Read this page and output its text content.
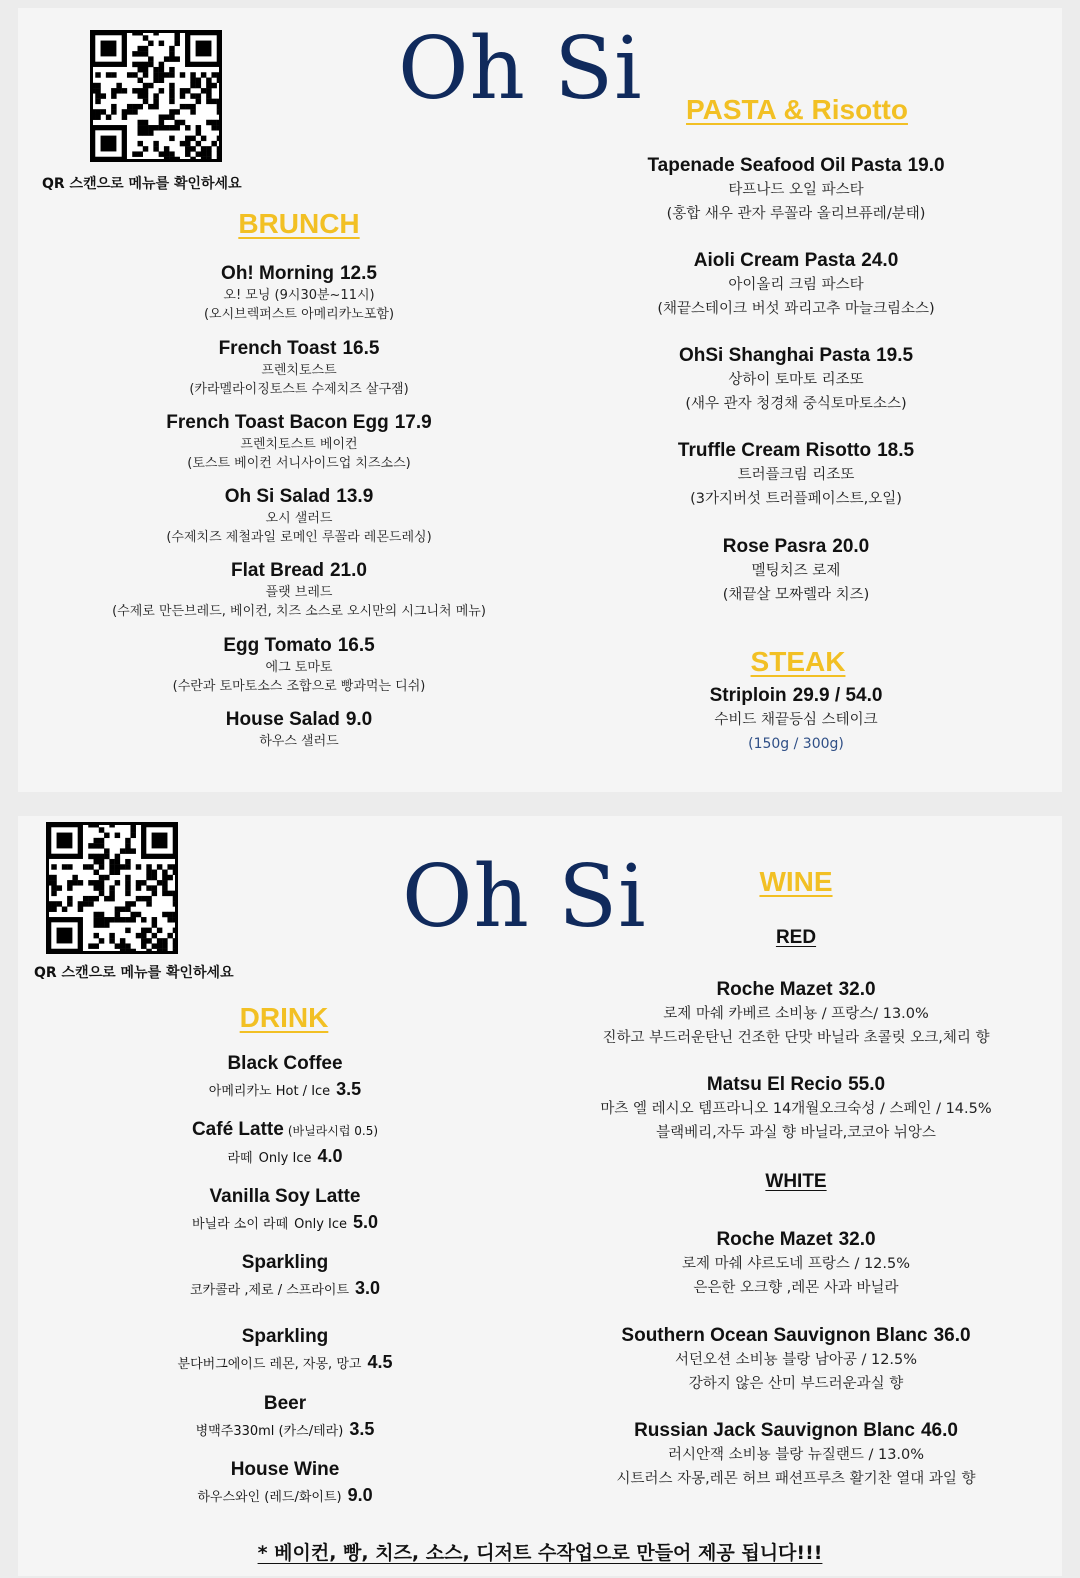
QR 스캔으로 메뉴를 확인하세요
Oh Si
BRUNCH
Oh! Morning 12.5
오! 모닝 (9시30분~11시)
(오시브렉퍼스트 아메리카노포함)
French Toast 16.5
프렌치토스트
(카라멜라이징토스트 수제치즈 살구잼)
French Toast Bacon Egg 17.9
프렌치토스트 베이컨
(토스트 베이컨 서니사이드업 치즈소스)
Oh Si Salad 13.9
오시 샐러드
(수제치즈 제철과일 로메인 루꼴라 레몬드레싱)
Flat Bread 21.0
플랫 브레드
(수제로 만든브레드, 베이컨, 치즈 소스로 오시만의 시그니처 메뉴)
Egg Tomato 16.5
에그 토마토
(수란과 토마토소스 조합으로 빵과먹는 디쉬)
House Salad 9.0
하우스 샐러드
PASTA & Risotto
Tapenade Seafood Oil Pasta 19.0
타프나드 오일 파스타
(홍합 새우 관자 루꼴라 올리브퓨레/분태)
Aioli Cream Pasta 24.0
아이올리 크림 파스타
(채끝스테이크 버섯 꽈리고추 마늘크림소스)
OhSi Shanghai Pasta 19.5
상하이 토마토 리조또
(새우 관자 청경채 중식토마토소스)
Truffle Cream Risotto 18.5
트러플크림 리조또
(3가지버섯 트러플페이스트,오일)
Rose Pasra 20.0
멜팅치즈 로제
(채끝살 모짜렐라 치즈)
STEAK
Striploin 29.9 / 54.0
수비드 채끝등심 스테이크
(150g / 300g)
QR 스캔으로 메뉴를 확인하세요
Oh Si
DRINK
Black Coffee
아메리카노 Hot / Ice 3.5
Café Latte (바닐라시럽 0.5)
라떼 Only Ice 4.0
Vanilla Soy Latte
바닐라 소이 라떼 Only Ice 5.0
Sparkling
코카콜라 ,제로 / 스프라이트 3.0
Sparkling
분다버그에이드 레몬, 자몽, 망고 4.5
Beer
병맥주330ml (카스/테라) 3.5
House Wine
하우스와인 (레드/화이트) 9.0
WINE
RED
Roche Mazet 32.0
로제 마쉐 카베르 소비뇽 / 프랑스/ 13.0%
진하고 부드러운탄닌 건조한 단맛 바닐라 초콜릿 오크,체리 향
Matsu El Recio 55.0
마츠 엘 레시오 템프라니오 14개월오크숙성 / 스페인 / 14.5%
블랙베리,자두 과실 향 바닐라,코코아 뉘앙스
Roche Mazet 32.0
로제 마쉐 샤르도네 프랑스 / 12.5%
은은한 오크향 ,레몬 사과 바닐라
Southern Ocean Sauvignon Blanc 36.0
서던오션 소비뇽 블랑 남아공 / 12.5%
강하지 않은 산미 부드러운과실 향
Russian Jack Sauvignon Blanc 46.0
러시안잭 소비뇽 블랑 뉴질랜드 / 13.0%
시트러스 자몽,레몬 허브 패션프루츠 활기찬 열대 과일 향
WHITE
* 베이컨, 빵, 치즈, 소스, 디저트 수작업으로 만들어 제공 됩니다!!!
